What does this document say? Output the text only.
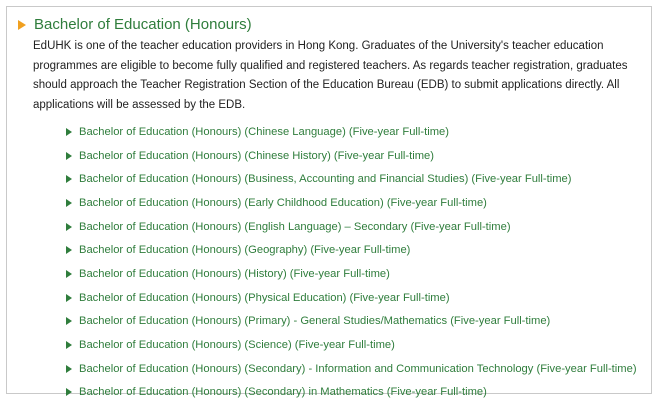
Bachelor of Education (Honours)
EdUHK is one of the teacher education providers in Hong Kong. Graduates of the University's teacher education programmes are eligible to become fully qualified and registered teachers. As regards teacher registration, graduates should approach the Teacher Registration Section of the Education Bureau (EDB) to submit applications directly. All applications will be assessed by the EDB.
Bachelor of Education (Honours) (Chinese Language) (Five-year Full-time)
Bachelor of Education (Honours) (Chinese History) (Five-year Full-time)
Bachelor of Education (Honours) (Business, Accounting and Financial Studies) (Five-year Full-time)
Bachelor of Education (Honours) (Early Childhood Education) (Five-year Full-time)
Bachelor of Education (Honours) (English Language) – Secondary (Five-year Full-time)
Bachelor of Education (Honours) (Geography) (Five-year Full-time)
Bachelor of Education (Honours) (History) (Five-year Full-time)
Bachelor of Education (Honours) (Physical Education) (Five-year Full-time)
Bachelor of Education (Honours) (Primary) - General Studies/Mathematics (Five-year Full-time)
Bachelor of Education (Honours) (Science) (Five-year Full-time)
Bachelor of Education (Honours) (Secondary) - Information and Communication Technology (Five-year Full-time)
Bachelor of Education (Honours) (Secondary) in Mathematics (Five-year Full-time)
